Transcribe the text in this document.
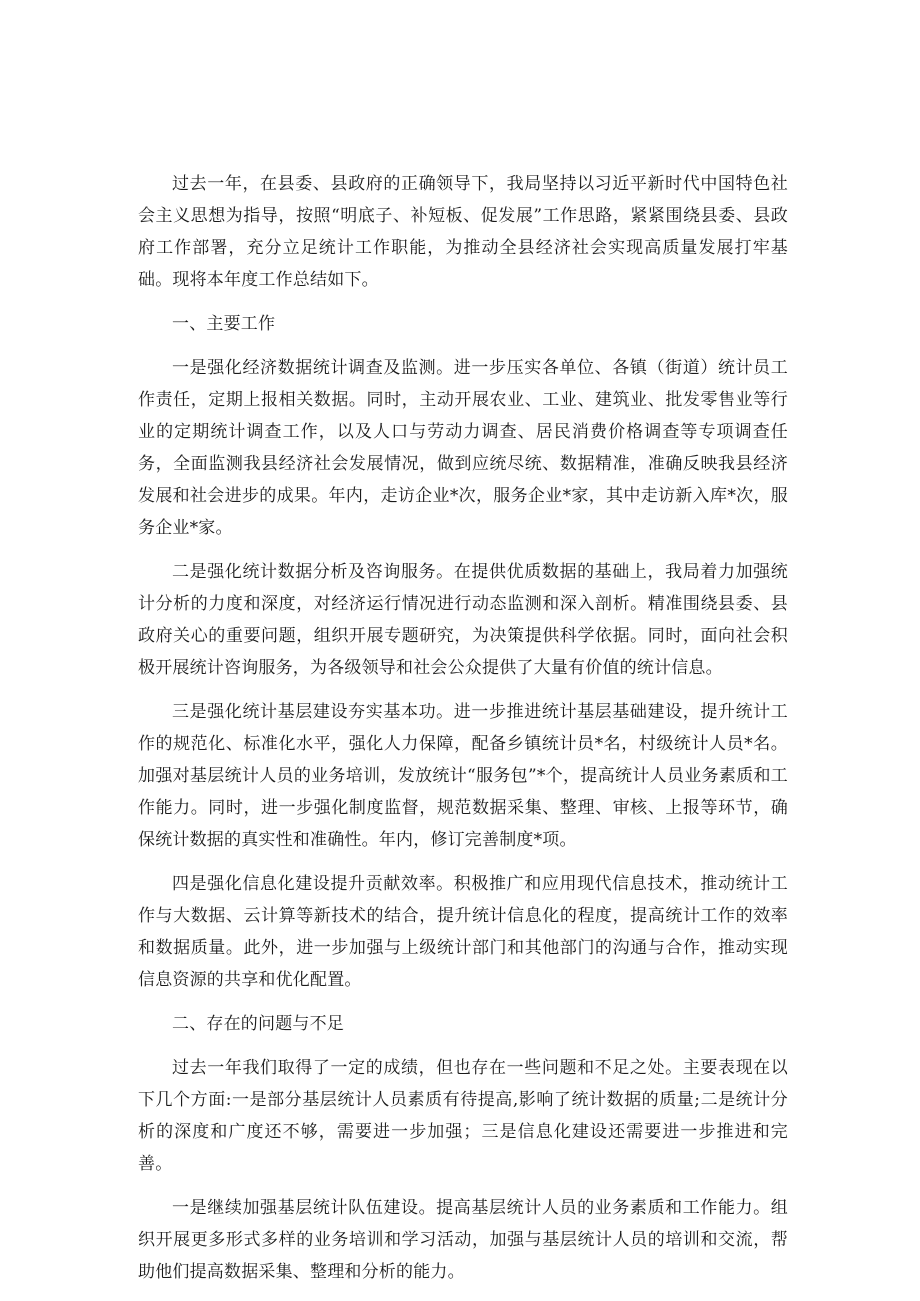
过去一年，在县委、县政府的正确领导下，我局坚持以习近平新时代中国特色社会主义思想为指导，按照“明底子、补短板、促发展”工作思路，紧紧围绕县委、县政府工作部署，充分立足统计工作职能，为推动全县经济社会实现高质量发展打牢基础。现将本年度工作总结如下。

一、主要工作

一是强化经济数据统计调查及监测。进一步压实各单位、各镇（街道）统计员工作责任，定期上报相关数据。同时，主动开展农业、工业、建筑业、批发零售业等行业的定期统计调查工作，以及人口与劳动力调查、居民消费价格调查等专项调查任务，全面监测我县经济社会发展情况，做到应统尽统、数据精准，准确反映我县经济发展和社会进步的成果。年内，走访企业*次，服务企业*家，其中走访新入库*次，服务企业*家。

二是强化统计数据分析及咨询服务。在提供优质数据的基础上，我局着力加强统计分析的力度和深度，对经济运行情况进行动态监测和深入剖析。精准围绕县委、县政府关心的重要问题，组织开展专题研究，为决策提供科学依据。同时，面向社会积极开展统计咨询服务，为各级领导和社会公众提供了大量有价值的统计信息。

三是强化统计基层建设夯实基本功。进一步推进统计基层基础建设，提升统计工作的规范化、标准化水平，强化人力保障，配备乡镇统计员*名，村级统计人员*名。加强对基层统计人员的业务培训，发放统计“服务包”*个，提高统计人员业务素质和工作能力。同时，进一步强化制度监督，规范数据采集、整理、审核、上报等环节，确保统计数据的真实性和准确性。年内，修订完善制度*项。

四是强化信息化建设提升贡献效率。积极推广和应用现代信息技术，推动统计工作与大数据、云计算等新技术的结合，提升统计信息化的程度，提高统计工作的效率和数据质量。此外，进一步加强与上级统计部门和其他部门的沟通与合作，推动实现信息资源的共享和优化配置。

二、存在的问题与不足

过去一年我们取得了一定的成绩，但也存在一些问题和不足之处。主要表现在以下几个方面:一是部分基层统计人员素质有待提高,影响了统计数据的质量;二是统计分析的深度和广度还不够，需要进一步加强；三是信息化建设还需要进一步推进和完善。

一是继续加强基层统计队伍建设。提高基层统计人员的业务素质和工作能力。组织开展更多形式多样的业务培训和学习活动，加强与基层统计人员的培训和交流，帮助他们提高数据采集、整理和分析的能力。
